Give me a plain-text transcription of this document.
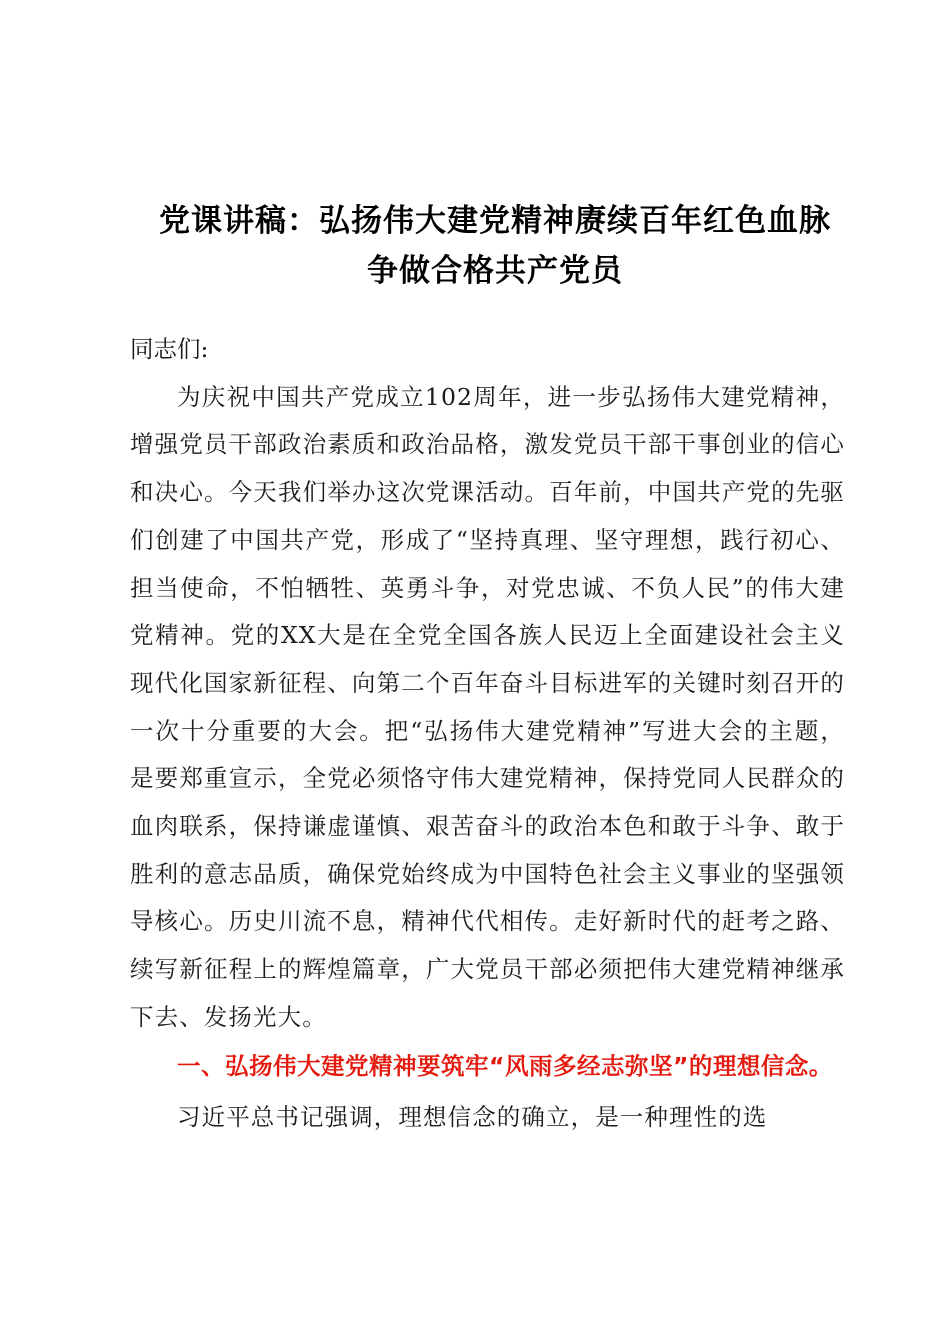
党课讲稿：弘扬伟大建党精神赓续百年红色血脉
争做合格共产党员

同志们:

为庆祝中国共产党成立102周年，进一步弘扬伟大建党精神，增强党员干部政治素质和政治品格，激发党员干部干事创业的信心和决心。今天我们举办这次党课活动。百年前，中国共产党的先驱们创建了中国共产党，形成了“坚持真理、坚守理想，践行初心、担当使命，不怕牺牲、英勇斗争，对党忠诚、不负人民”的伟大建党精神。党的XX大是在全党全国各族人民迈上全面建设社会主义现代化国家新征程、向第二个百年奋斗目标进军的关键时刻召开的一次十分重要的大会。把“弘扬伟大建党精神”写进大会的主题，是要郑重宣示，全党必须恪守伟大建党精神，保持党同人民群众的血肉联系，保持谦虚谨慎、艰苦奋斗的政治本色和敢于斗争、敢于胜利的意志品质，确保党始终成为中国特色社会主义事业的坚强领导核心。历史川流不息，精神代代相传。走好新时代的赶考之路、续写新征程上的辉煌篇章，广大党员干部必须把伟大建党精神继承下去、发扬光大。

一、弘扬伟大建党精神要筑牢“风雨多经志弥坚”的理想信念。

习近平总书记强调，理想信念的确立，是一种理性的选
